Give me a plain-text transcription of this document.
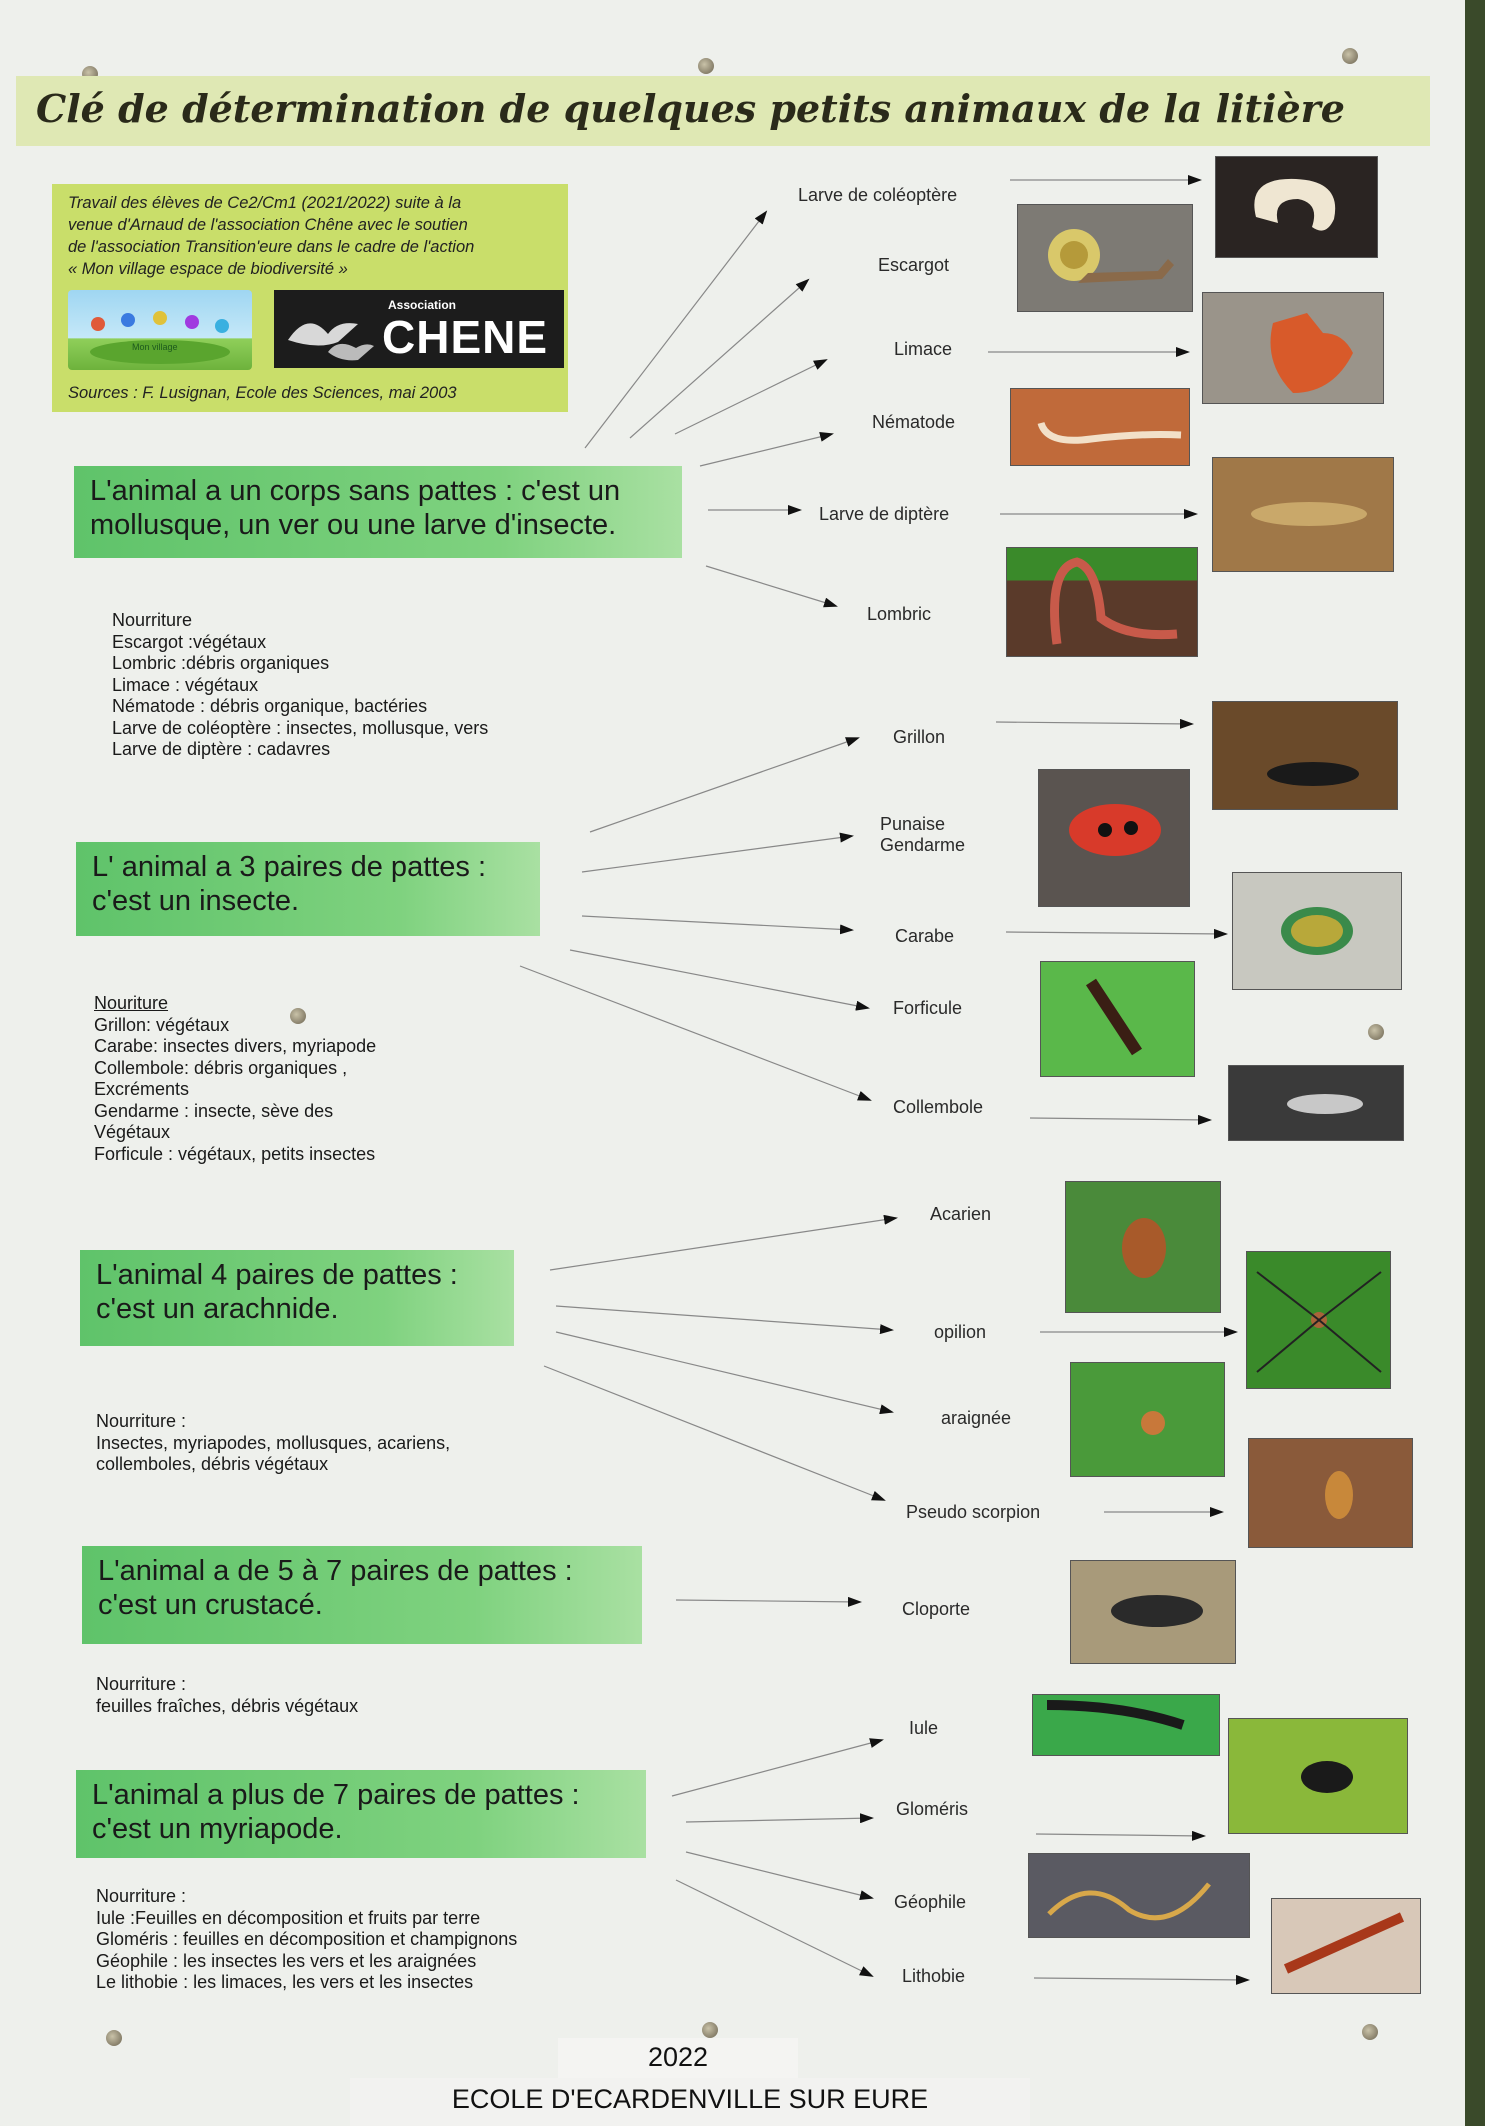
Clé de détermination de quelques petits animaux de la litière
Travail des élèves de Ce2/Cm1 (2021/2022) suite à la
venue d'Arnaud de l'association Chêne avec le soutien
de l'association Transition'eure dans le cadre de l'action
« Mon village espace de biodiversité »
Mon village
Association
CHENE
Sources : F. Lusignan, Ecole des Sciences, mai 2003
L'animal a un corps sans pattes : c'est un
mollusque, un ver ou une larve d'insecte.
L' animal a 3 paires de pattes :
c'est un insecte.
L'animal 4 paires de pattes :
c'est un arachnide.
L'animal a de 5 à 7 paires de pattes :
c'est un crustacé.
L'animal a plus de 7 paires de pattes :
c'est un myriapode.
Nourriture
Escargot :végétaux
Lombric :débris organiques
Limace : végétaux
Nématode : débris organique, bactéries
Larve de coléoptère : insectes, mollusque, vers
Larve de diptère : cadavres
Nouriture
Grillon: végétaux
Carabe: insectes divers, myriapode
Collembole: débris organiques ,
Excréments
Gendarme : insecte, sève des
Végétaux
Forficule : végétaux, petits insectes
Nourriture :
Insectes, myriapodes, mollusques, acariens,
collemboles, débris végétaux
Nourriture :
feuilles fraîches, débris végétaux
Nourriture :
Iule :Feuilles en décomposition et fruits par terre
Gloméris : feuilles en décomposition et champignons
Géophile : les insectes les vers et les araignées
Le lithobie : les limaces, les vers et les insectes
Larve de coléoptère
Escargot
Limace
Nématode
Larve de diptère
Lombric
Grillon
Punaise
Gendarme
Carabe
Forficule
Collembole
Acarien
opilion
araignée
Pseudo scorpion
Cloporte
Iule
Gloméris
Géophile
Lithobie
2022
ECOLE D'ECARDENVILLE SUR EURE
